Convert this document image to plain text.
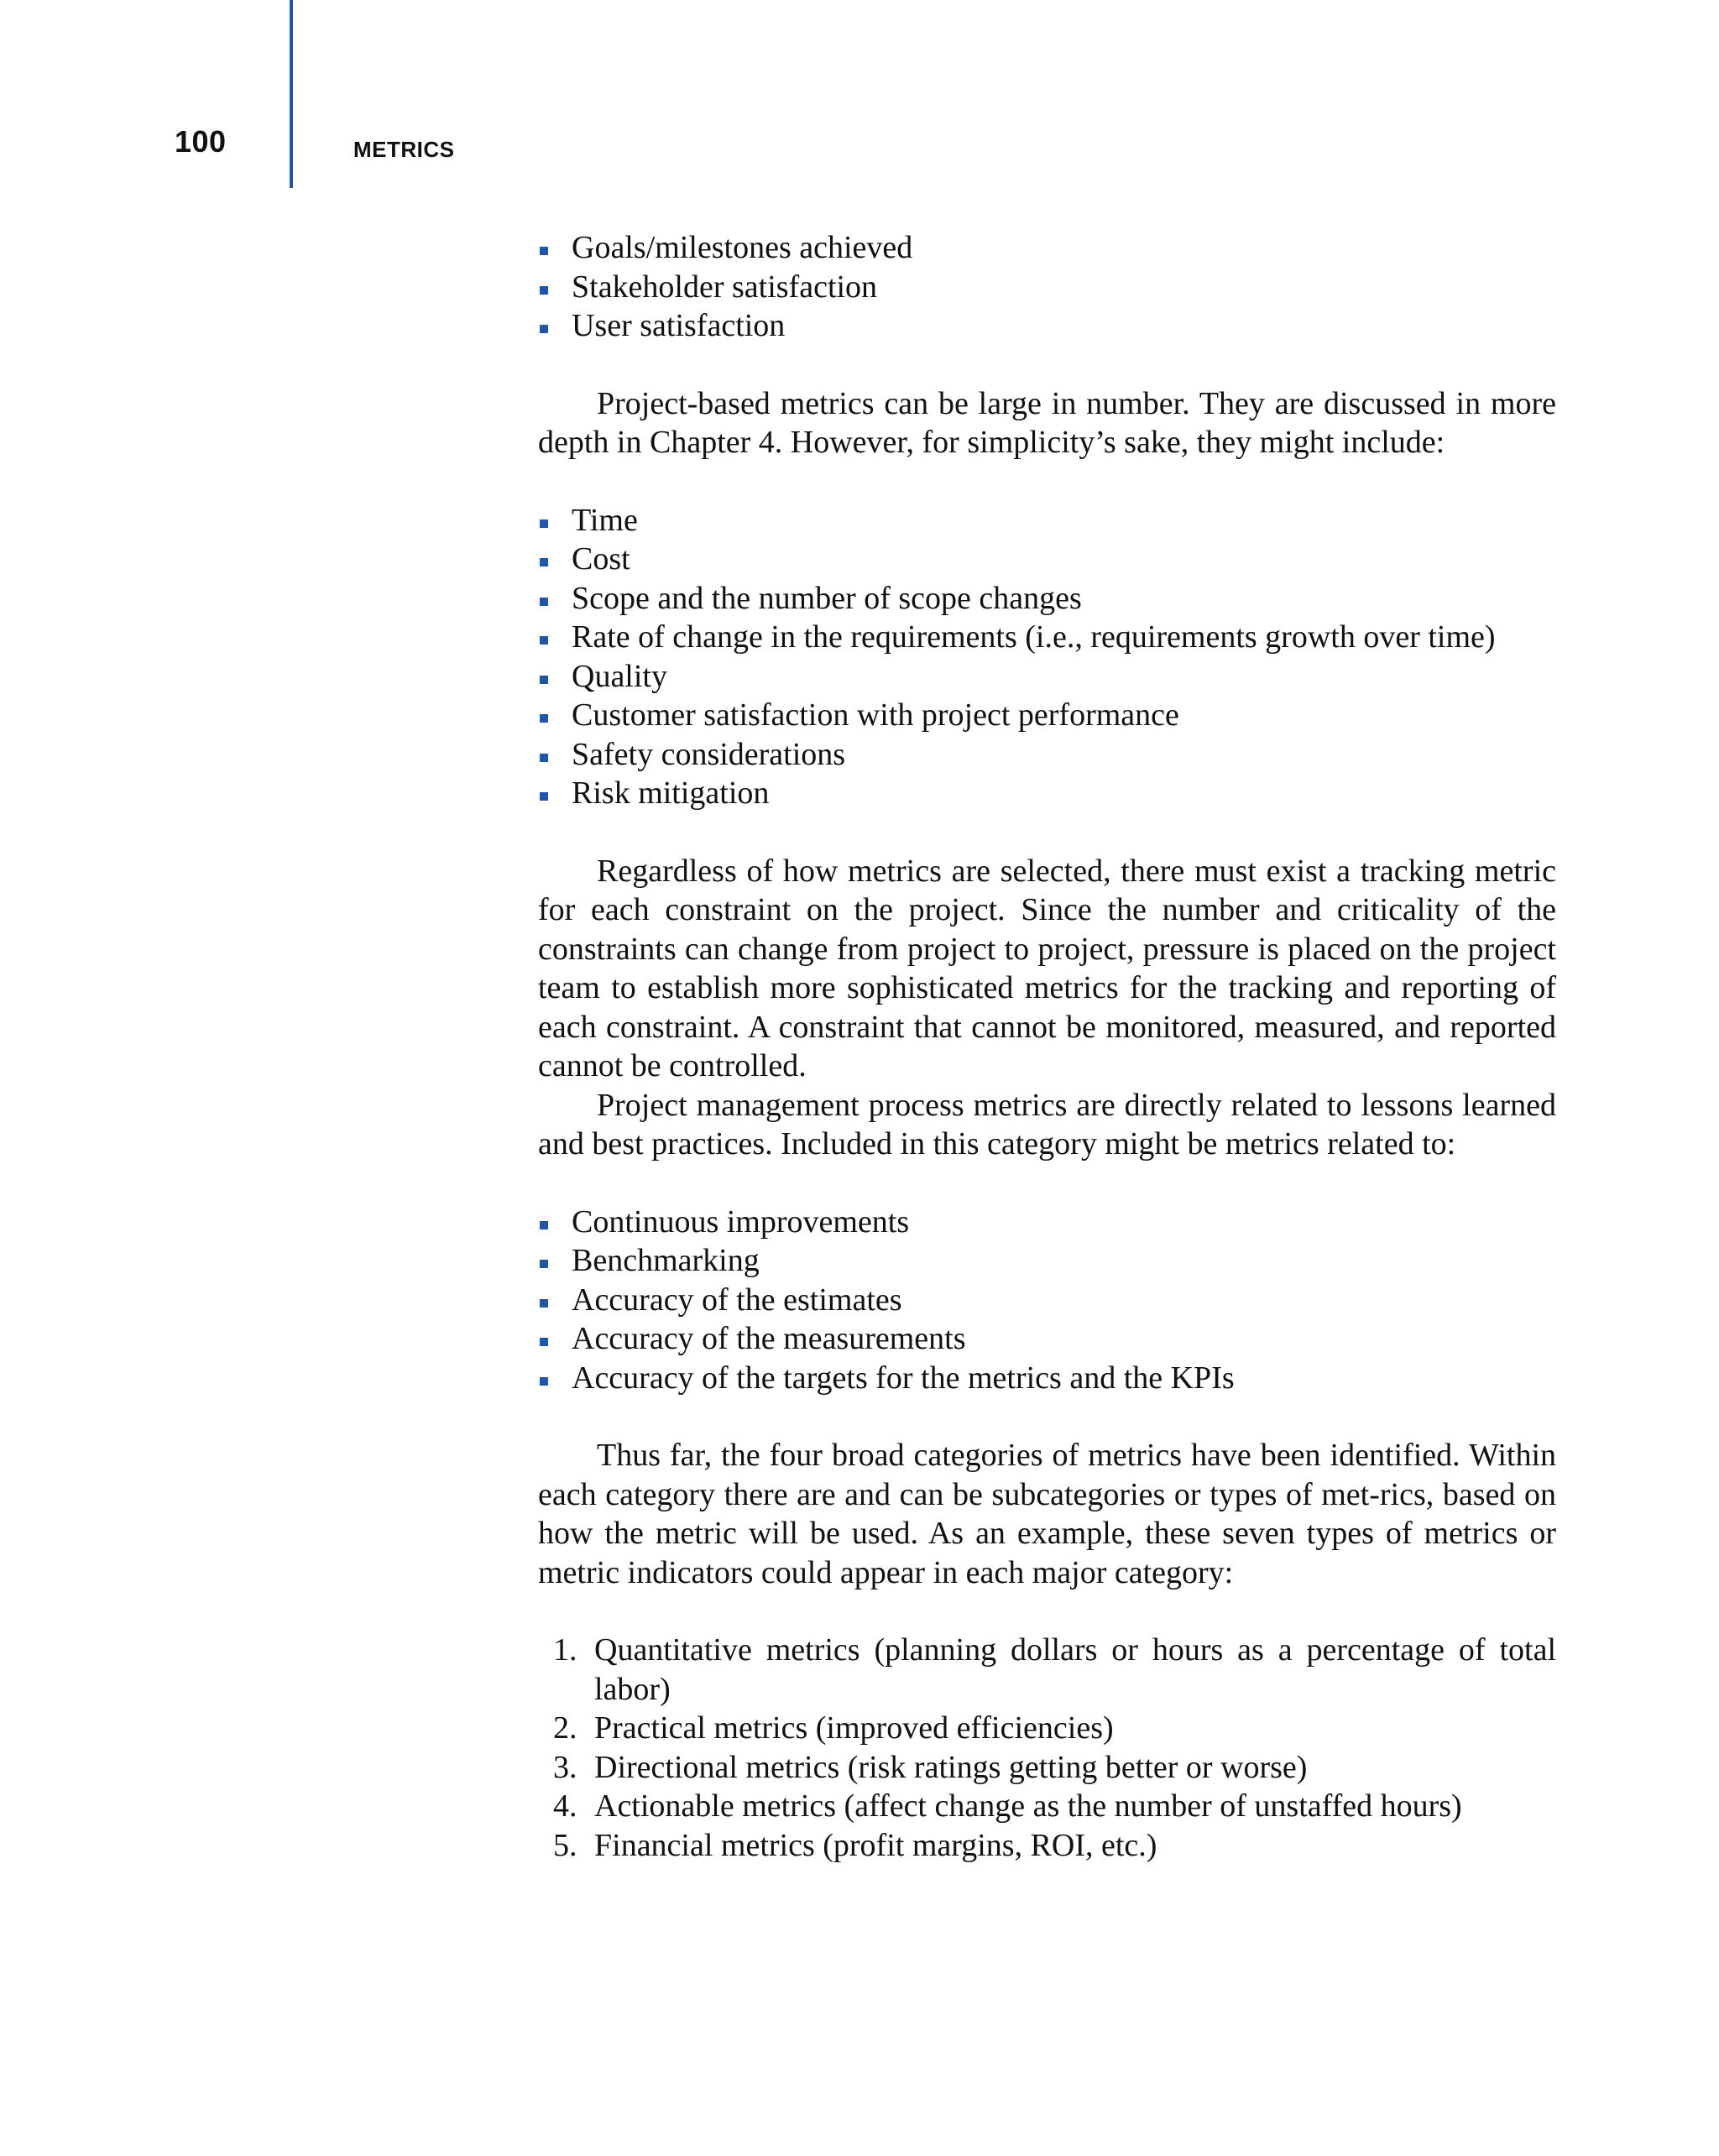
100	METRICS
Goals/milestones achieved
Stakeholder satisfaction
User satisfaction

Project-based metrics can be large in number. They are discussed in more depth in Chapter 4. However, for simplicity’s sake, they might include:

Time
Cost
Scope and the number of scope changes
Rate of change in the requirements (i.e., requirements growth over time)
Quality
Customer satisfaction with project performance
Safety considerations
Risk mitigation

Regardless of how metrics are selected, there must exist a tracking metric for each constraint on the project. Since the number and criticality of the constraints can change from project to project, pressure is placed on the project team to establish more sophisticated metrics for the tracking and reporting of each constraint. A constraint that cannot be monitored, measured, and reported cannot be controlled.

Project management process metrics are directly related to lessons learned and best practices. Included in this category might be metrics related to:

Continuous improvements
Benchmarking
Accuracy of the estimates
Accuracy of the measurements
Accuracy of the targets for the metrics and the KPIs

Thus far, the four broad categories of metrics have been identified. Within each category there are and can be subcategories or types of met-rics, based on how the metric will be used. As an example, these seven types of metrics or metric indicators could appear in each major category:

1. Quantitative metrics (planning dollars or hours as a percentage of total labor)
2. Practical metrics (improved efficiencies)
3. Directional metrics (risk ratings getting better or worse)
4. Actionable metrics (affect change as the number of unstaffed hours)
5. Financial metrics (profit margins, ROI, etc.)
